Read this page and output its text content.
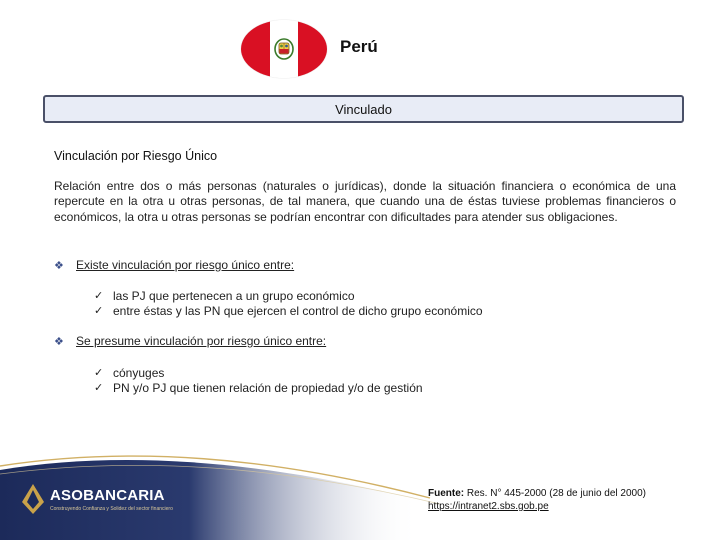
Perú
Vinculado
Vinculación por Riesgo Único

Relación entre dos o más personas (naturales o jurídicas), donde la situación financiera o económica de una repercute en la otra u otras personas, de tal manera, que cuando una de éstas tuviese problemas financieros o económicos, la otra u otras personas se podrían encontrar con dificultades para atender sus obligaciones.

❖	Existe vinculación por riesgo único entre:
✓ las PJ que pertenecen a un grupo económico
✓ entre éstas y las PN que ejercen el control de dicho grupo económico
❖	Se presume vinculación por riesgo único entre:
✓ cónyuges
✓ PN y/o PJ que tienen relación de propiedad y/o de gestión
ASOBANCARIA
Construyendo Confianza y Solidez del sector financiero
Fuente: Res. N° 445-2000 (28 de junio del 2000)
https://intranet2.sbs.gob.pe
